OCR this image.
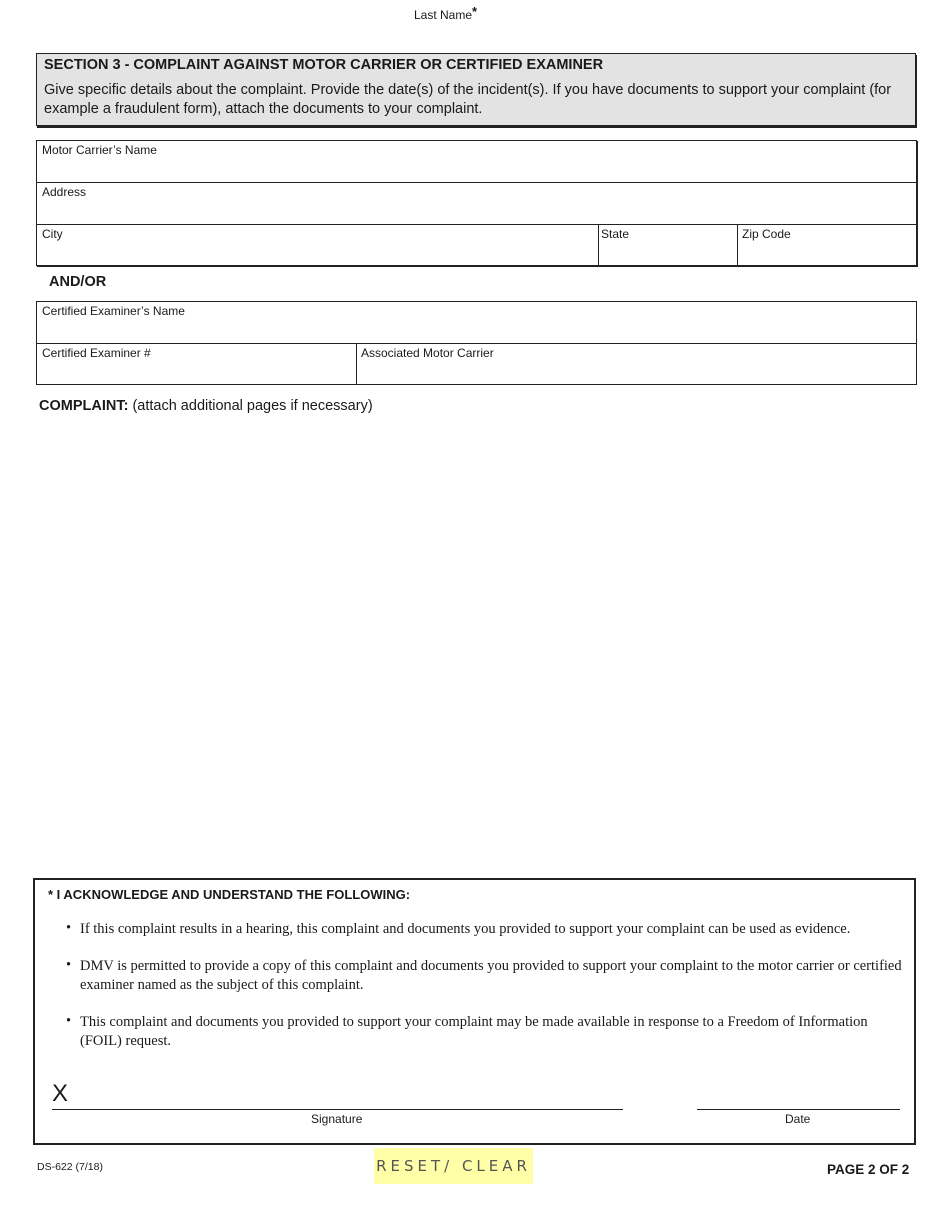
Last Name*
SECTION 3 - COMPLAINT AGAINST MOTOR CARRIER OR CERTIFIED EXAMINER
Give specific details about the complaint. Provide the date(s) of the incident(s). If you have documents to support your complaint (for example a fraudulent form), attach the documents to your complaint.
Motor Carrier’s Name
Address
City	State	Zip Code
AND/OR
Certified Examiner’s Name
Certified Examiner #	Associated Motor Carrier
COMPLAINT: (attach additional pages if necessary)
* I ACKNOWLEDGE AND UNDERSTAND THE FOLLOWING:
• If this complaint results in a hearing, this complaint and documents you provided to support your complaint can be used as evidence.
• DMV is permitted to provide a copy of this complaint and documents you provided to support your complaint to the motor carrier or certified examiner named as the subject of this complaint.
• This complaint and documents you provided to support your complaint may be made available in response to a Freedom of Information (FOIL) request.
X
Signature	Date
DS-622 (7/18)	RESET/ CLEAR	PAGE 2 OF 2
